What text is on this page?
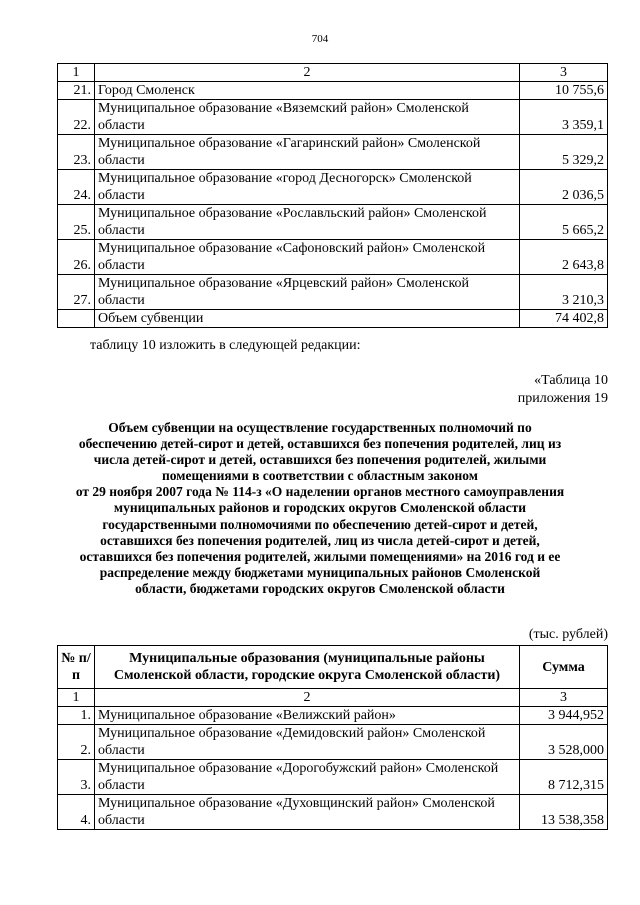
704
1	2	3
21.	Город Смоленск	10 755,6
22.	Муниципальное образование «Вяземский район» Смоленской области	3 359,1
23.	Муниципальное образование «Гагаринский район» Смоленской области	5 329,2
24.	Муниципальное образование «город Десногорск» Смоленской области	2 036,5
25.	Муниципальное образование «Рославльский район» Смоленской области	5 665,2
26.	Муниципальное образование «Сафоновский район» Смоленской области	2 643,8
27.	Муниципальное образование «Ярцевский район» Смоленской области	3 210,3
	Объем субвенции	74 402,8
таблицу 10 изложить в следующей редакции:
«Таблица 10
приложения 19
Объем субвенции на осуществление государственных полномочий по
обеспечению детей-сирот и детей, оставшихся без попечения родителей, лиц из
числа детей-сирот и детей, оставшихся без попечения родителей, жилыми
помещениями в соответствии с областным законом
от 29 ноября 2007 года № 114-з «О наделении органов местного самоуправления
муниципальных районов и городских округов Смоленской области
государственными полномочиями по обеспечению детей-сирот и детей,
оставшихся без попечения родителей, лиц из числа детей-сирот и детей,
оставшихся без попечения родителей, жилыми помещениями» на 2016 год и ее
распределение между бюджетами муниципальных районов Смоленской
области, бюджетами городских округов Смоленской области
(тыс. рублей)
№ п/п	Муниципальные образования (муниципальные районы Смоленской области, городские округа Смоленской области)	Сумма
1	2	3
1.	Муниципальное образование «Велижский район»	3 944,952
2.	Муниципальное образование «Демидовский район» Смоленской области	3 528,000
3.	Муниципальное образование «Дорогобужский район» Смоленской области	8 712,315
4.	Муниципальное образование «Духовщинский район» Смоленской области	13 538,358
